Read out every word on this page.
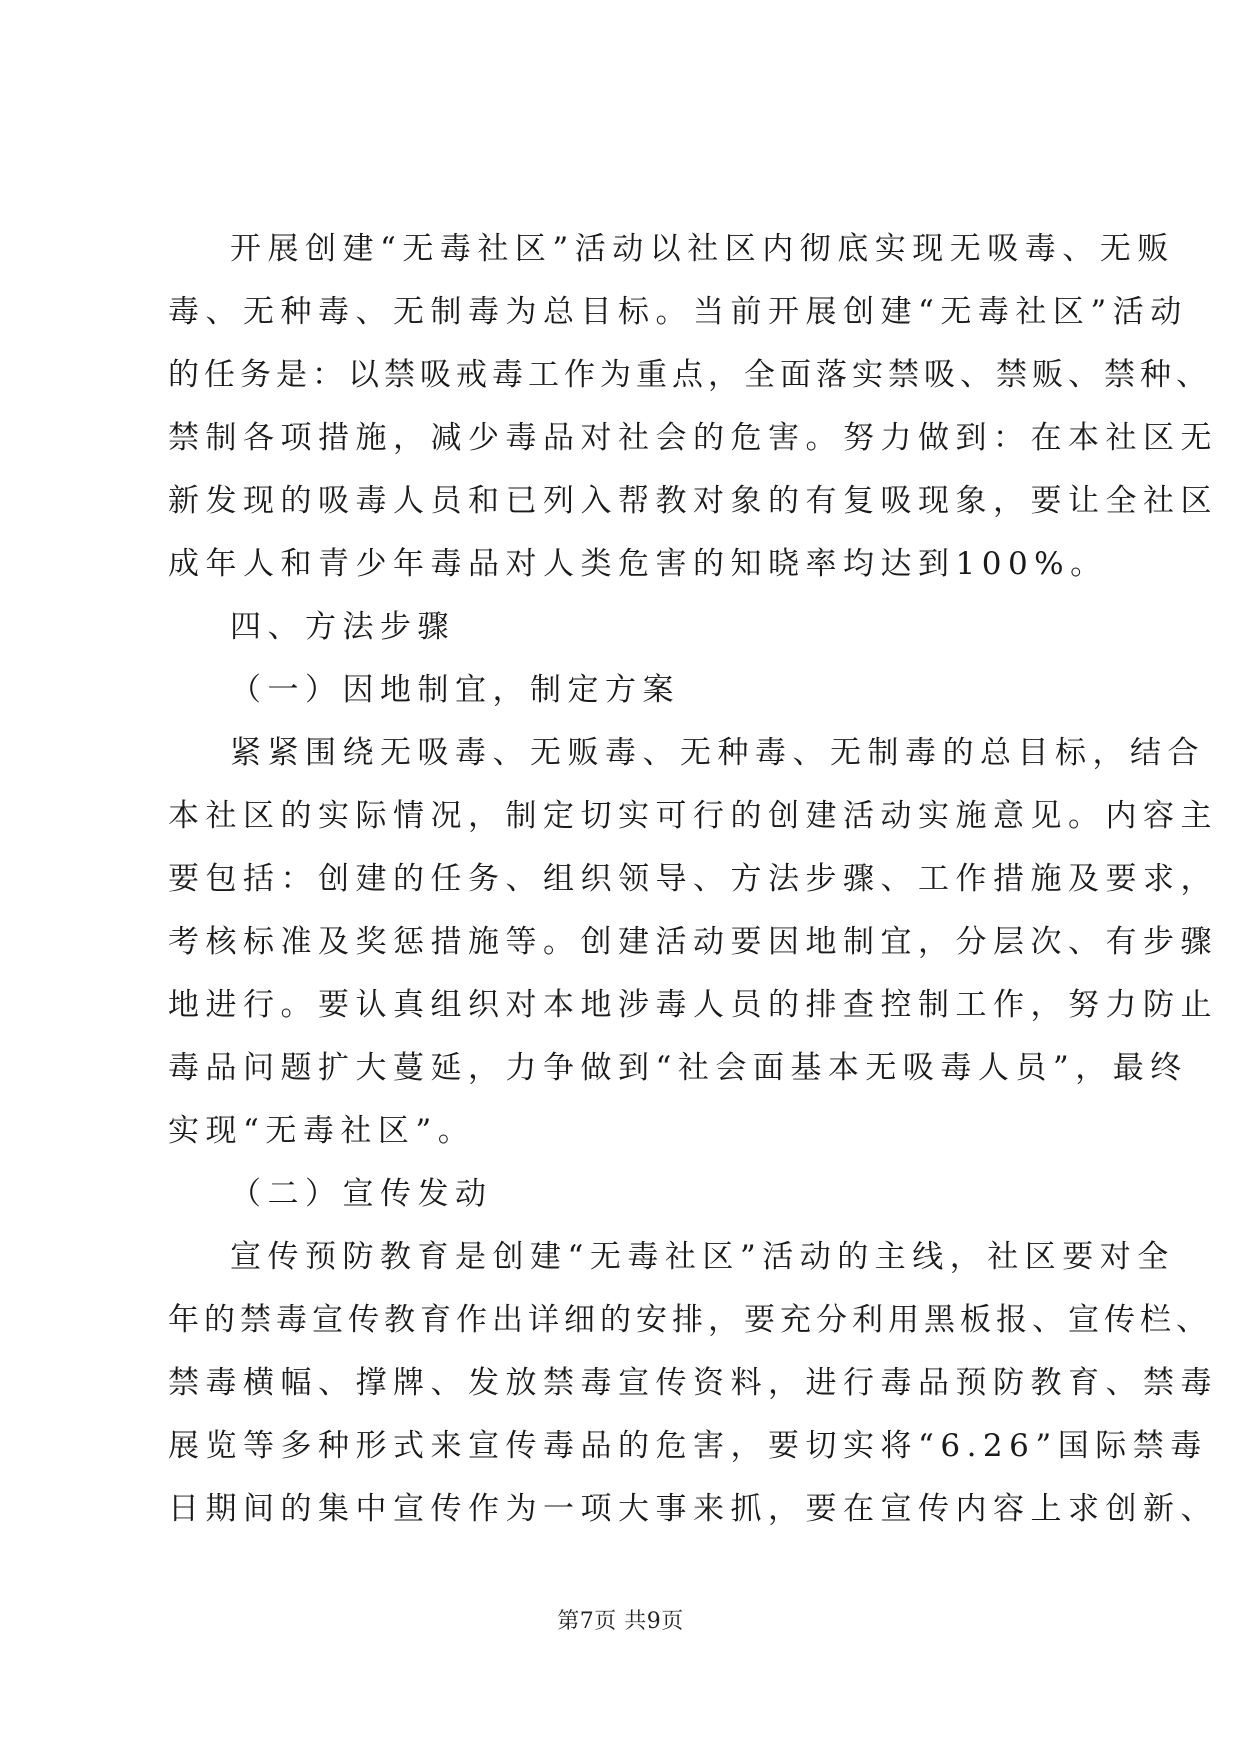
开展创建“无毒社区”活动以社区内彻底实现无吸毒、无贩
毒、无种毒、无制毒为总目标。当前开展创建“无毒社区”活动
的任务是：以禁吸戒毒工作为重点，全面落实禁吸、禁贩、禁种、
禁制各项措施，减少毒品对社会的危害。努力做到：在本社区无
新发现的吸毒人员和已列入帮教对象的有复吸现象，要让全社区
成年人和青少年毒品对人类危害的知晓率均达到100%。
四、方法步骤
（一）因地制宜，制定方案
紧紧围绕无吸毒、无贩毒、无种毒、无制毒的总目标，结合
本社区的实际情况，制定切实可行的创建活动实施意见。内容主
要包括：创建的任务、组织领导、方法步骤、工作措施及要求，
考核标准及奖惩措施等。创建活动要因地制宜，分层次、有步骤
地进行。要认真组织对本地涉毒人员的排查控制工作，努力防止
毒品问题扩大蔓延，力争做到“社会面基本无吸毒人员”，最终
实现“无毒社区”。
（二）宣传发动
宣传预防教育是创建“无毒社区”活动的主线，社区要对全
年的禁毒宣传教育作出详细的安排，要充分利用黑板报、宣传栏、
禁毒横幅、撑牌、发放禁毒宣传资料，进行毒品预防教育、禁毒
展览等多种形式来宣传毒品的危害，要切实将“6.26”国际禁毒
日期间的集中宣传作为一项大事来抓，要在宣传内容上求创新、
第7页 共9页
